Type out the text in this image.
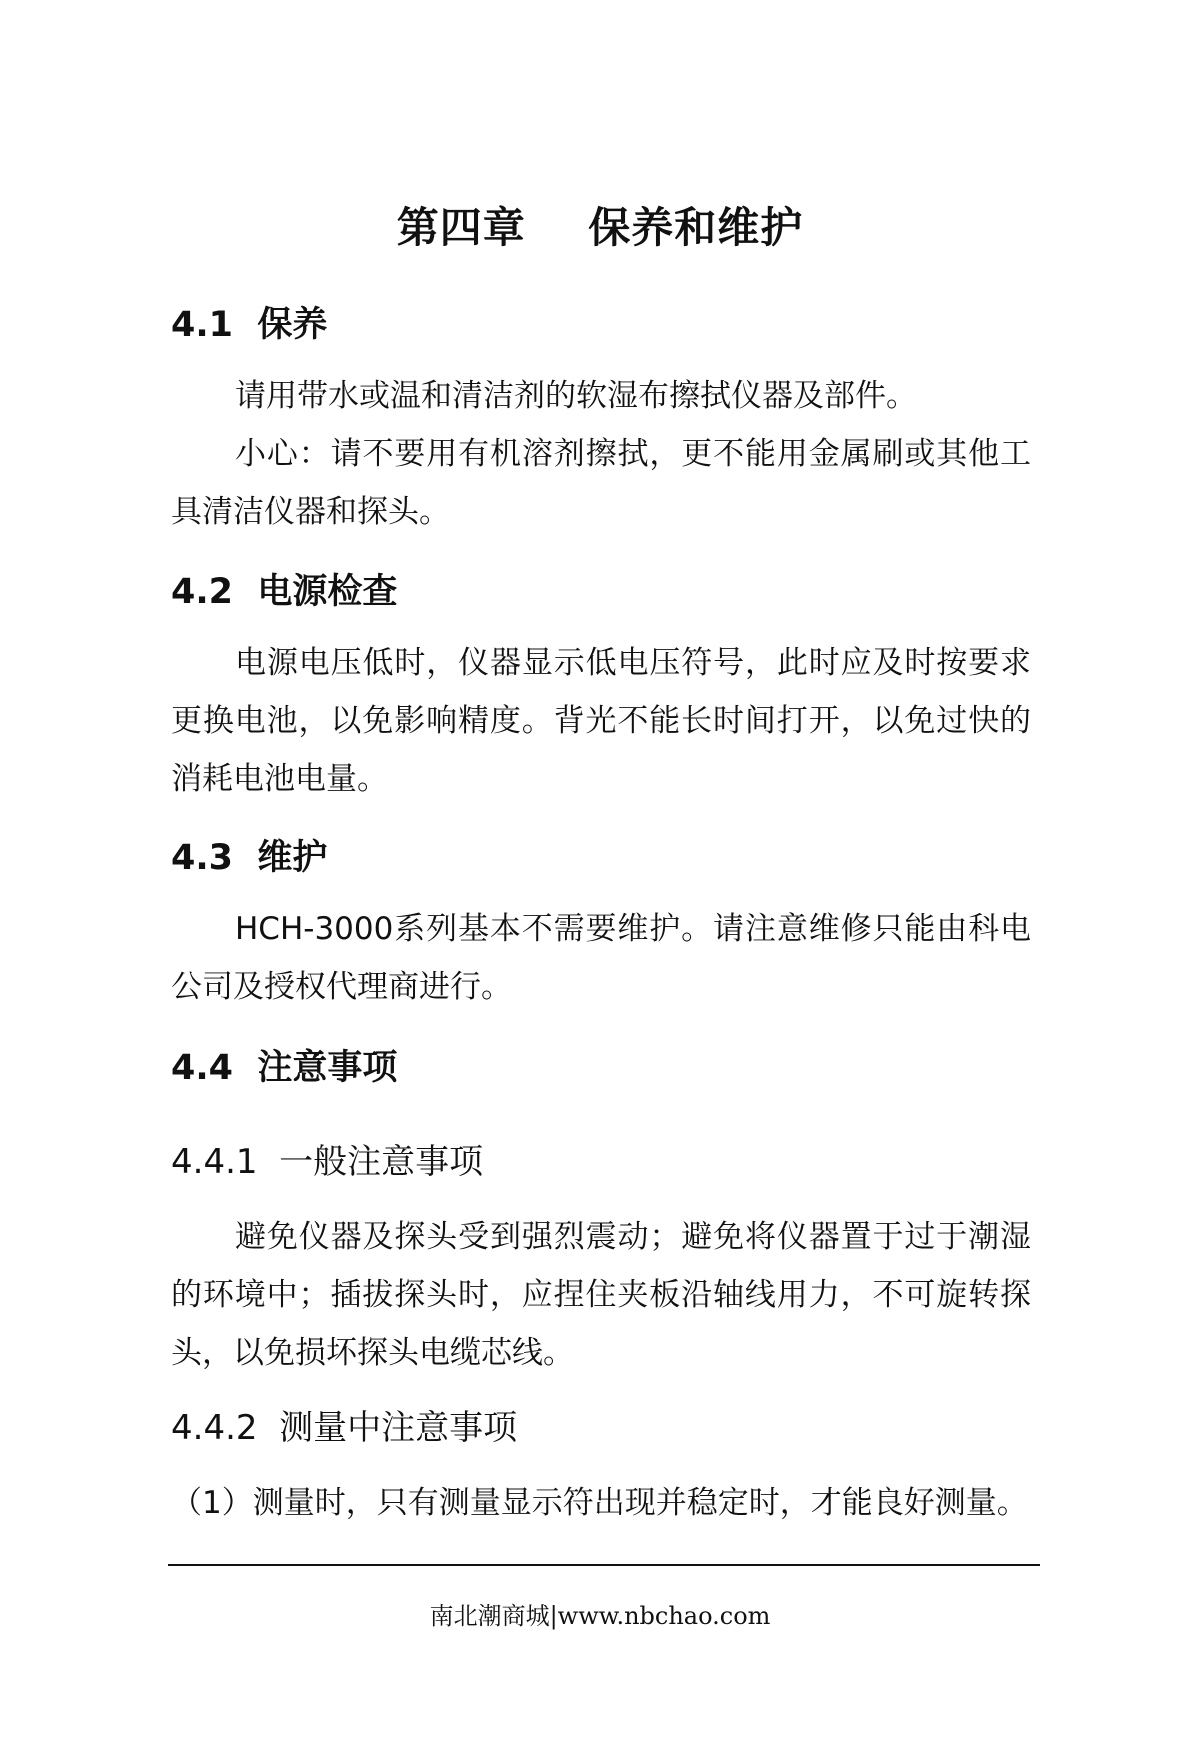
第四章    保养和维护
4.1  保养

请用带水或温和清洁剂的软湿布擦拭仪器及部件。

小心：请不要用有机溶剂擦拭，更不能用金属刷或其他工具清洁仪器和探头。

4.2  电源检查

电源电压低时，仪器显示低电压符号，此时应及时按要求更换电池，以免影响精度。背光不能长时间打开，以免过快的消耗电池电量。

4.3  维护

HCH-3000系列基本不需要维护。请注意维修只能由科电公司及授权代理商进行。

4.4  注意事项
4.4.1  一般注意事项

避免仪器及探头受到强烈震动；避免将仪器置于过于潮湿的环境中；插拔探头时，应捏住夹板沿轴线用力，不可旋转探头，以免损坏探头电缆芯线。

4.4.2  测量中注意事项

（1）测量时，只有测量显示符出现并稳定时，才能良好测量。

南北潮商城|www.nbchao.com
